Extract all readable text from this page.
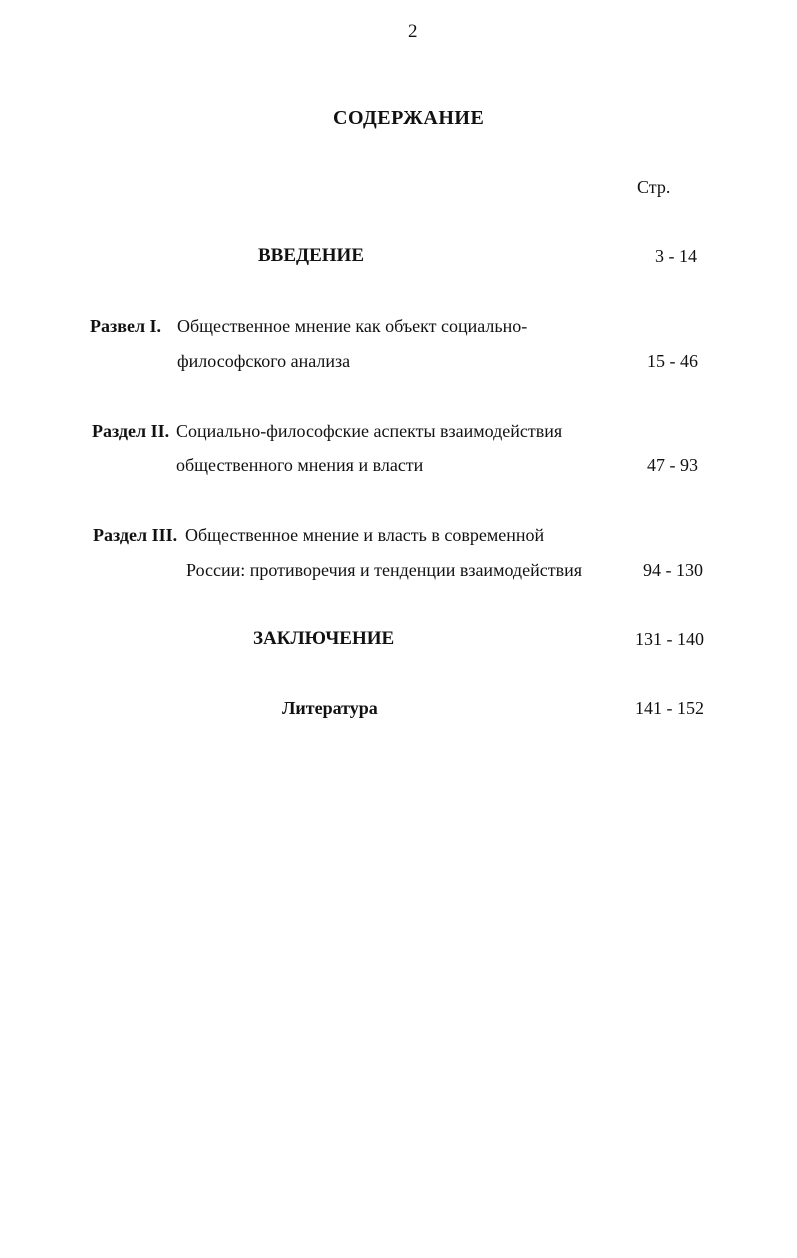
2
СОДЕРЖАНИЕ
Стр.
ВВЕДЕНИЕ	3 - 14
Развел I. Общественное мнение как объект социально-
философского анализа	15 - 46
Раздел II. Социально-философские аспекты взаимодействия
общественного мнения и власти	47 - 93
Раздел III. Общественное мнение и власть в современной
России: противоречия и тенденции взаимодействия	94 - 130
ЗАКЛЮЧЕНИЕ	131 - 140
Литература	141 - 152
